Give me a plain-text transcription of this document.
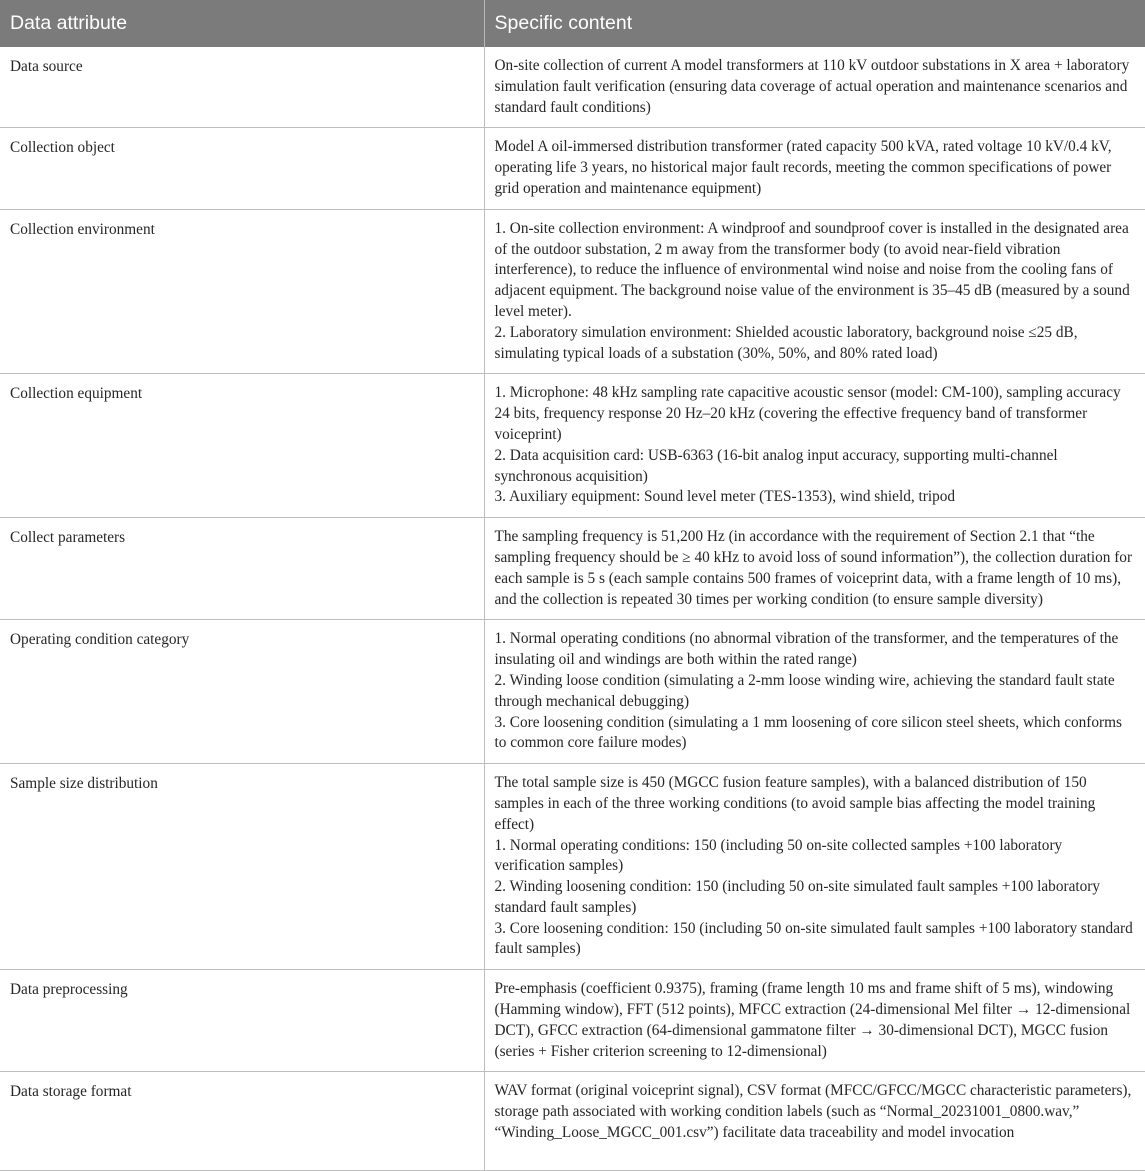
Data attribute	Specific content
Data source	On-site collection of current A model transformers at 110 kV outdoor substations in X area + laboratory simulation fault verification (ensuring data coverage of actual operation and maintenance scenarios and standard fault conditions)

Collection object	Model A oil-immersed distribution transformer (rated capacity 500 kVA, rated voltage 10 kV/0.4 kV, operating life 3 years, no historical major fault records, meeting the common specifications of power grid operation and maintenance equipment)

Collection environment	1. On-site collection environment: A windproof and soundproof cover is installed in the designated area of the outdoor substation, 2 m away from the transformer body (to avoid near-field vibration interference), to reduce the influence of environmental wind noise and noise from the cooling fans of adjacent equipment. The background noise value of the environment is 35–45 dB (measured by a sound level meter).
2. Laboratory simulation environment: Shielded acoustic laboratory, background noise ≤25 dB, simulating typical loads of a substation (30%, 50%, and 80% rated load)

Collection equipment	1. Microphone: 48 kHz sampling rate capacitive acoustic sensor (model: CM-100), sampling accuracy 24 bits, frequency response 20 Hz–20 kHz (covering the effective frequency band of transformer voiceprint)
2. Data acquisition card: USB-6363 (16-bit analog input accuracy, supporting multi-channel synchronous acquisition)
3. Auxiliary equipment: Sound level meter (TES-1353), wind shield, tripod

Collect parameters	The sampling frequency is 51,200 Hz (in accordance with the requirement of Section 2.1 that “the sampling frequency should be ≥ 40 kHz to avoid loss of sound information”), the collection duration for each sample is 5 s (each sample contains 500 frames of voiceprint data, with a frame length of 10 ms), and the collection is repeated 30 times per working condition (to ensure sample diversity)

Operating condition category	1. Normal operating conditions (no abnormal vibration of the transformer, and the temperatures of the insulating oil and windings are both within the rated range)
2. Winding loose condition (simulating a 2-mm loose winding wire, achieving the standard fault state through mechanical debugging)
3. Core loosening condition (simulating a 1 mm loosening of core silicon steel sheets, which conforms to common core failure modes)

Sample size distribution	The total sample size is 450 (MGCC fusion feature samples), with a balanced distribution of 150 samples in each of the three working conditions (to avoid sample bias affecting the model training effect)
1. Normal operating conditions: 150 (including 50 on-site collected samples +100 laboratory verification samples)
2. Winding loosening condition: 150 (including 50 on-site simulated fault samples +100 laboratory standard fault samples)
3. Core loosening condition: 150 (including 50 on-site simulated fault samples +100 laboratory standard fault samples)

Data preprocessing	Pre-emphasis (coefficient 0.9375), framing (frame length 10 ms and frame shift of 5 ms), windowing (Hamming window), FFT (512 points), MFCC extraction (24-dimensional Mel filter → 12-dimensional DCT), GFCC extraction (64-dimensional gammatone filter → 30-dimensional DCT), MGCC fusion (series + Fisher criterion screening to 12-dimensional)

Data storage format	WAV format (original voiceprint signal), CSV format (MFCC/GFCC/MGCC characteristic parameters), storage path associated with working condition labels (such as “Normal_20231001_0800.wav,” “Winding_Loose_MGCC_001.csv”) facilitate data traceability and model invocation
